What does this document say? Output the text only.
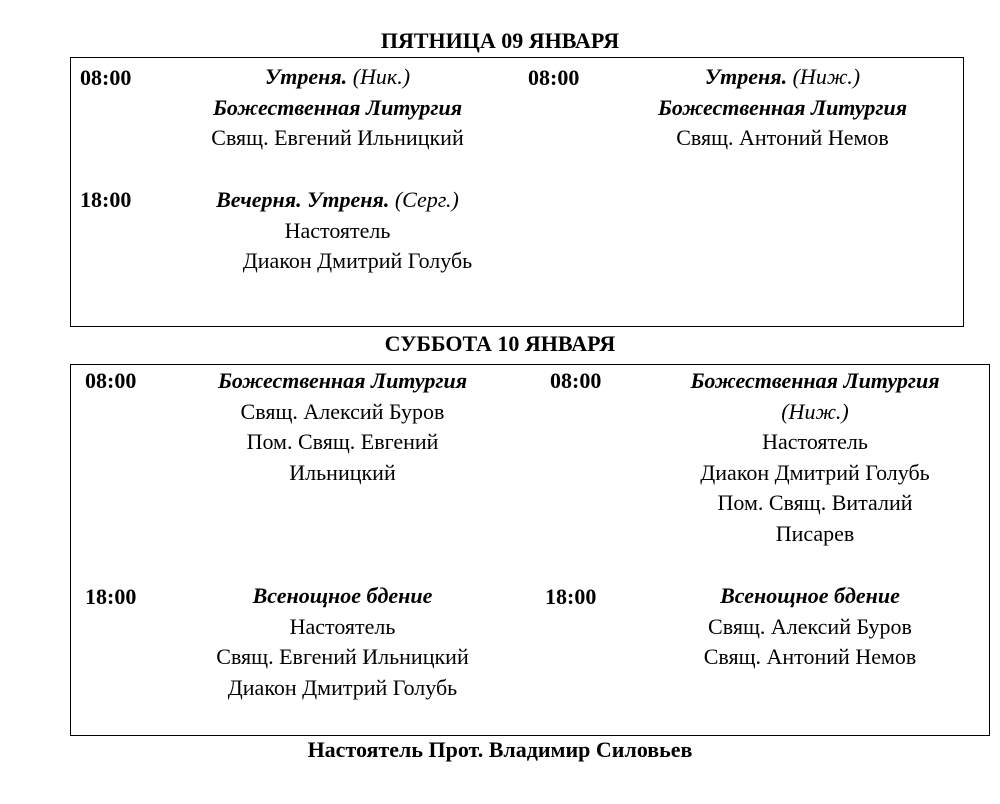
ПЯТНИЦА 09 ЯНВАРЯ
08:00	Утреня. (Ник.)
Божественная Литургия
Свящ. Евгений Ильницкий
08:00	Утреня. (Ниж.)
Божественная Литургия
Свящ. Антоний Немов
18:00	Вечерня. Утреня. (Серг.)
Настоятель
Диакон Дмитрий Голубь
СУББОТА 10 ЯНВАРЯ
08:00	Божественная Литургия
Свящ. Алексий Буров
Пом. Свящ. Евгений
Ильницкий
08:00	Божественная Литургия
(Ниж.)
Настоятель
Диакон Дмитрий Голубь
Пом. Свящ. Виталий
Писарев
18:00	Всенощное бдение
Настоятель
Свящ. Евгений Ильницкий
Диакон Дмитрий Голубь
18:00	Всенощное бдение
Свящ. Алексий Буров
Свящ. Антоний Немов
Настоятель Прот. Владимир Силовьев
